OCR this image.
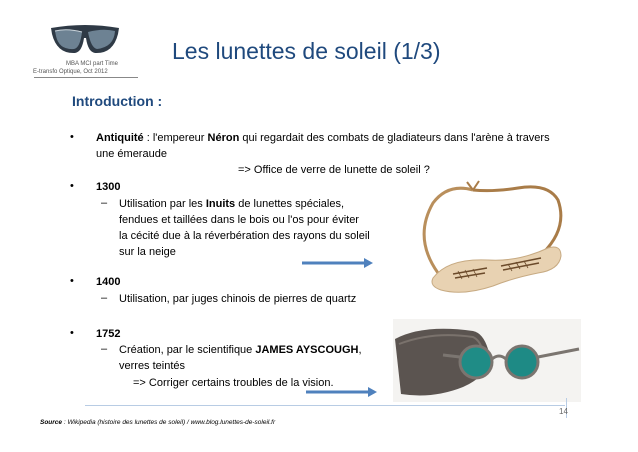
MBA MCI part Time
E-transfo Optique, Oct 2012
Les lunettes de soleil (1/3)
Introduction :
• Antiquité : l'empereur Néron qui regardait des combats de gladiateurs dans l'arène à travers
une émeraude
=> Office de verre de lunette de soleil ?
• 1300
– Utilisation par les Inuits de lunettes spéciales,
fendues et taillées dans le bois ou l'os pour éviter
la cécité due à la réverbération des rayons du soleil
sur la neige
• 1400
– Utilisation, par juges chinois de pierres de quartz
• 1752
– Création, par le scientifique JAMES AYSCOUGH,
verres teintés
=> Corriger certains troubles de la vision.
14
Source : Wikipedia (histoire des lunettes de soleil) / www.blog.lunettes-de-soleil.fr
